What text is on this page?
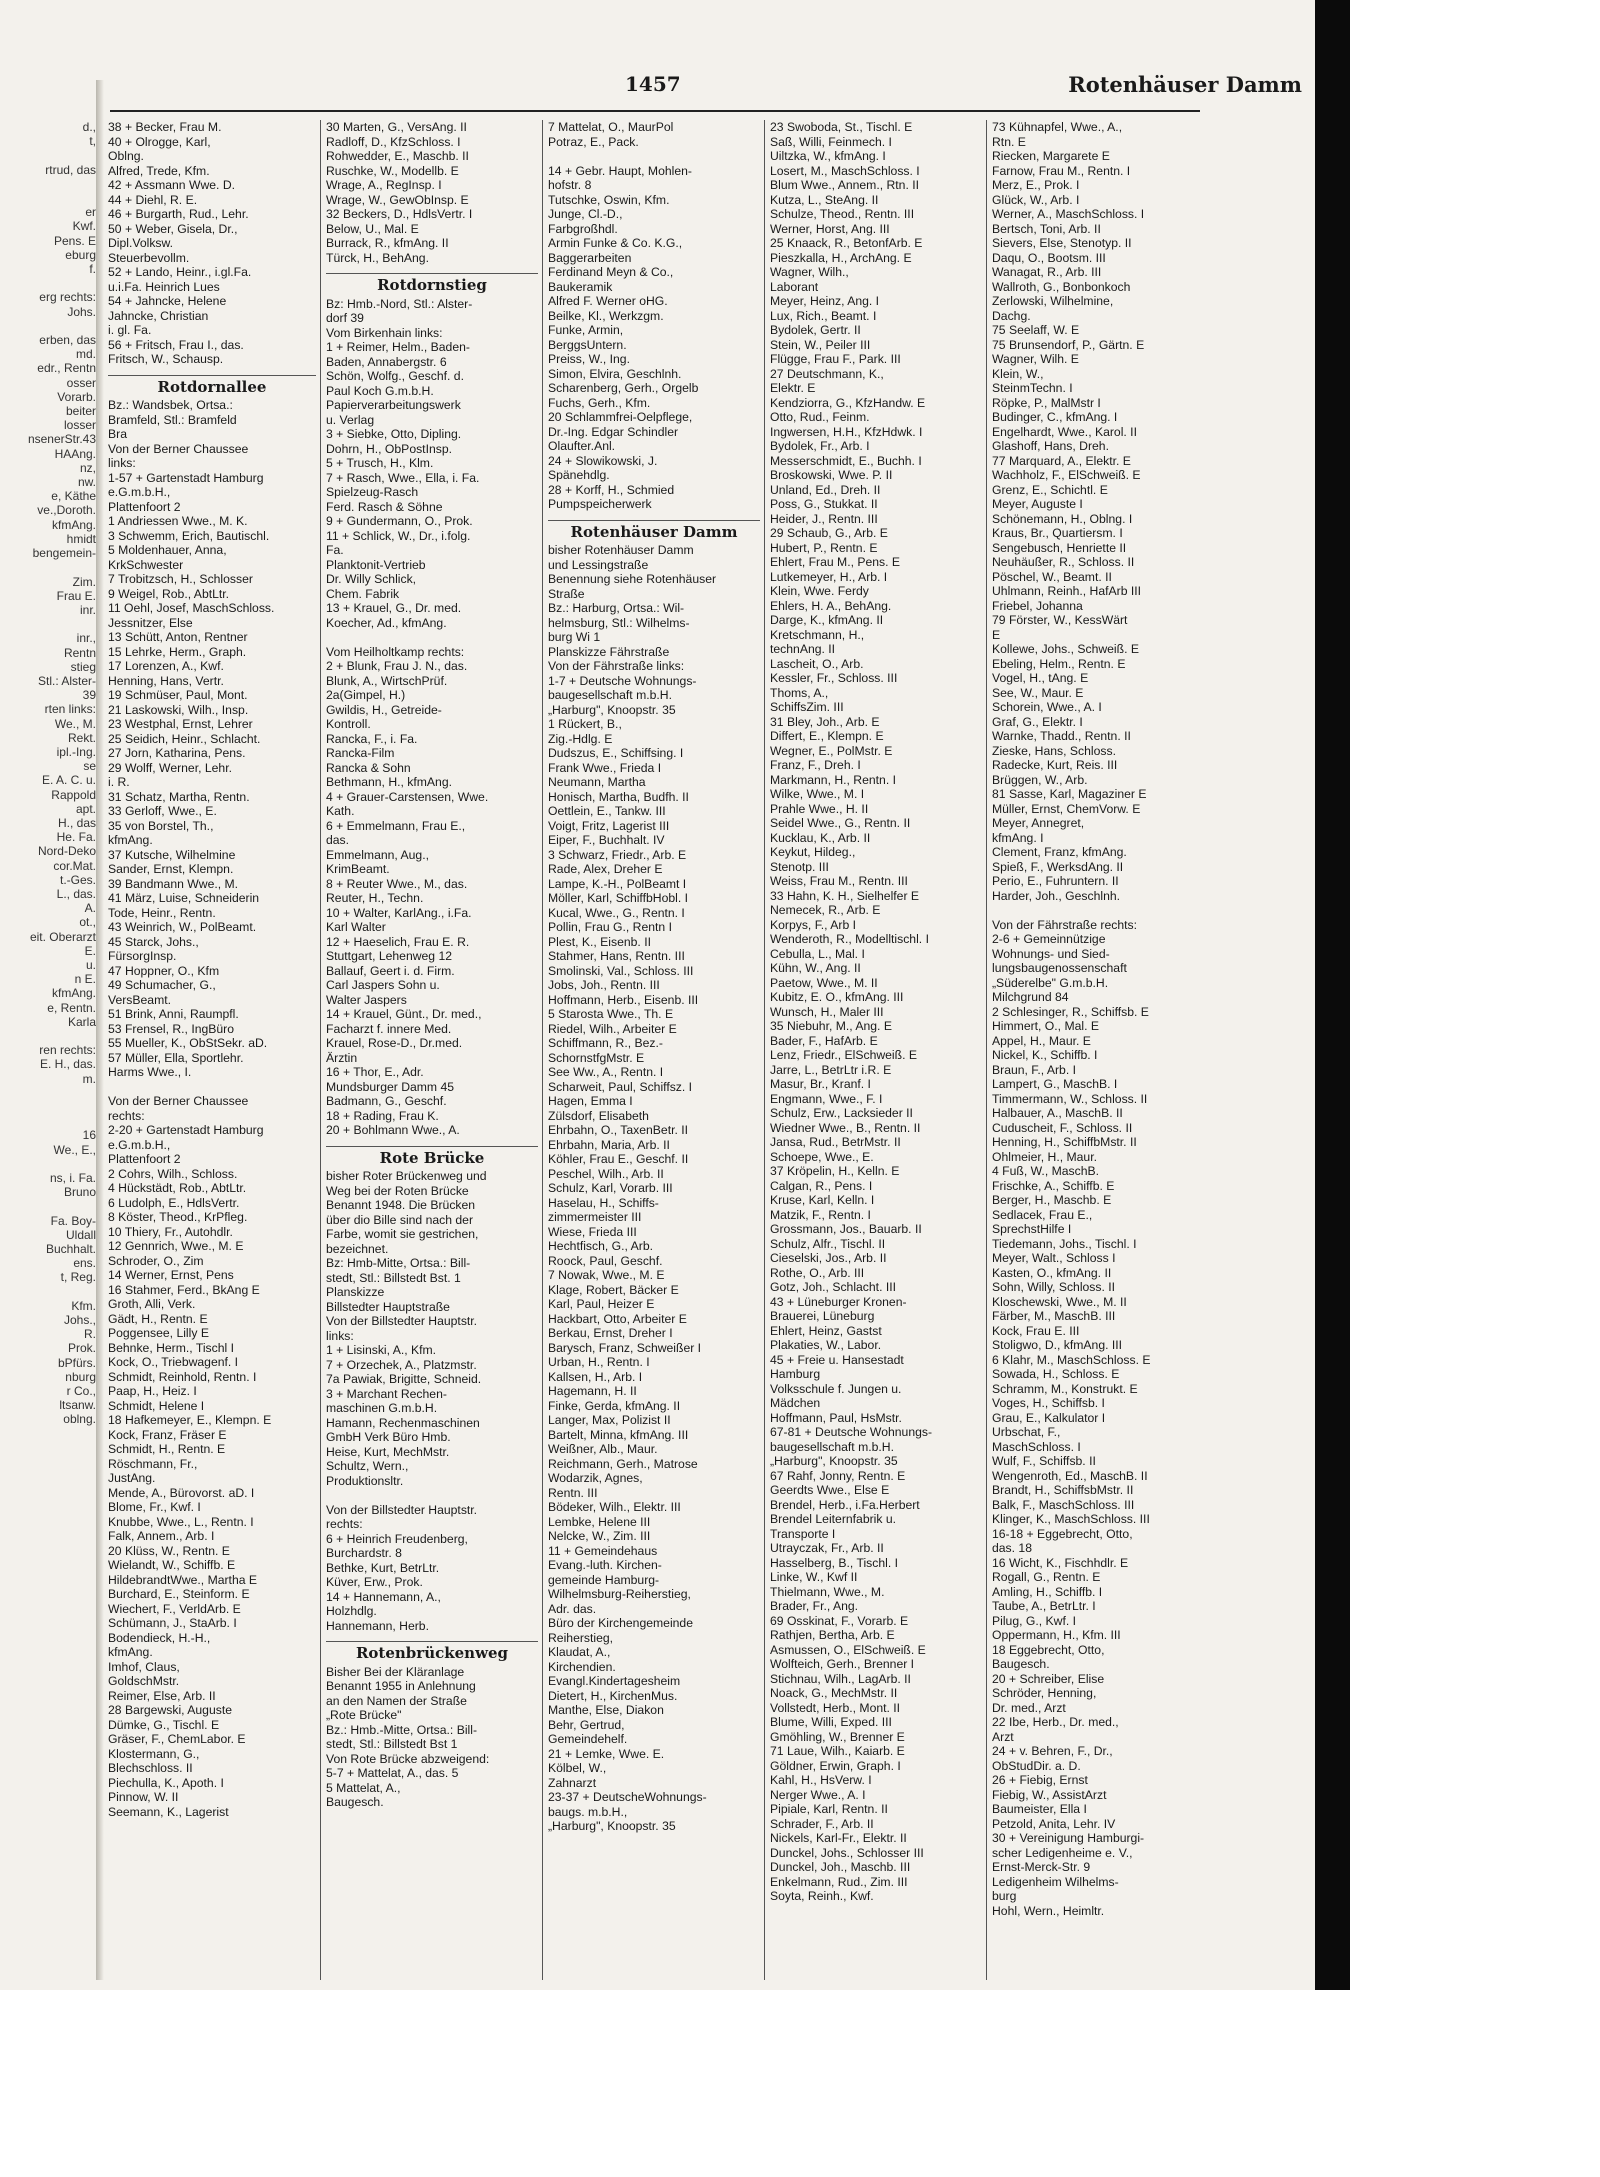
d.,
t,

rtrud, das

er
Kwf.
Pens. E
eburg
f.

erg rechts:
Johs.

erben, das
md.
edr., Rentn
osser
Vorarb.
beiter
losser
nsenerStr.43
HAAng.
nz,
nw.
e, Käthe
ve.,Doroth.
kfmAng.
hmidt
bengemein-

Zim.
Frau E.
inr.

inr.,
Rentn
stieg
Stl.: Alster-
39
rten links:
We., M.
Rekt.
ipl.-Ing.
se
E. A. C. u.
Rappold
apt.
H., das
He. Fa.
Nord-Deko
cor.Mat.
t.-Ges.
L., das.
A.
ot.,
eit. Oberarzt
E.
u.
n E.
kfmAng.
e, Rentn.
Karla

ren rechts:
E. H., das.
m.

16
We., E.,

ns, i. Fa.
Bruno

Fa. Boy-
Uldall
Buchhalt.
ens.
t, Reg.

Kfm.
Johs.,
R.
Prok.
bPfürs.
nburg
r Co.,
ltsanw.
oblng.
1457	Rotenhäuser Damm
38 + Becker, Frau M.
40 + Olrogge, Karl,
Oblng.
Alfred, Trede, Kfm.
42 + Assmann Wwe. D.
44 + Diehl, R. E.
46 + Burgarth, Rud., Lehr.
50 + Weber, Gisela, Dr.,
Dipl.Volksw.
Steuerbevollm.
52 + Lando, Heinr., i.gl.Fa.
u.i.Fa. Heinrich Lues
54 + Jahncke, Helene
Jahncke, Christian
i. gl. Fa.
56 + Fritsch, Frau I., das.
Fritsch, W., Schausp.
Rotdornallee
Bz.: Wandsbek, Ortsa.:
Bramfeld, Stl.: Bramfeld
Bra
Von der Berner Chaussee
links:
1-57 + Gartenstadt Hamburg
e.G.m.b.H.,
Plattenfoort 2
1 Andriessen Wwe., M. K.
3 Schwemm, Erich, Bautischl.
5 Moldenhauer, Anna,
KrkSchwester
7 Trobitzsch, H., Schlosser
9 Weigel, Rob., AbtLtr.
11 Oehl, Josef, MaschSchloss.
Jessnitzer, Else
13 Schütt, Anton, Rentner
15 Lehrke, Herm., Graph.
17 Lorenzen, A., Kwf.
Henning, Hans, Vertr.
19 Schmüser, Paul, Mont.
21 Laskowski, Wilh., Insp.
23 Westphal, Ernst, Lehrer
25 Seidich, Heinr., Schlacht.
27 Jorn, Katharina, Pens.
29 Wolff, Werner, Lehr.
i. R.
31 Schatz, Martha, Rentn.
33 Gerloff, Wwe., E.
35 von Borstel, Th.,
kfmAng.
37 Kutsche, Wilhelmine
Sander, Ernst, Klempn.
39 Bandmann Wwe., M.
41 März, Luise, Schneiderin
Tode, Heinr., Rentn.
43 Weinrich, W., PolBeamt.
45 Starck, Johs.,
FürsorgInsp.
47 Hoppner, O., Kfm
49 Schumacher, G.,
VersBeamt.
51 Brink, Anni, Raumpfl.
53 Frensel, R., IngBüro
55 Mueller, K., ObStSekr. aD.
57 Müller, Ella, Sportlehr.
Harms Wwe., I.

Von der Berner Chaussee
rechts:
2-20 + Gartenstadt Hamburg
e.G.m.b.H.,
Plattenfoort 2
2 Cohrs, Wilh., Schloss.
4 Hückstädt, Rob., AbtLtr.
6 Ludolph, E., HdlsVertr.
8 Köster, Theod., KrPfleg.
10 Thiery, Fr., Autohdlr.
12 Gennrich, Wwe., M. E
Schroder, O., Zim
14 Werner, Ernst, Pens
16 Stahmer, Ferd., BkAng E
Groth, Alli, Verk.
Gädt, H., Rentn. E
Poggensee, Lilly E
Behnke, Herm., Tischl I
Kock, O., Triebwagenf. I
Schmidt, Reinhold, Rentn. I
Paap, H., Heiz. I
Schmidt, Helene I
18 Hafkemeyer, E., Klempn. E
Kock, Franz, Fräser E
Schmidt, H., Rentn. E
Röschmann, Fr.,
JustAng.
Mende, A., Bürovorst. aD. I
Blome, Fr., Kwf. I
Knubbe, Wwe., L., Rentn. I
Falk, Annem., Arb. I
20 Klüss, W., Rentn. E
Wielandt, W., Schiffb. E
HildebrandtWwe., Martha E
Burchard, E., Steinform. E
Wiechert, F., VerldArb. E
Schümann, J., StaArb. I
Bodendieck, H.-H.,
kfmAng.
Imhof, Claus,
GoldschMstr.
Reimer, Else, Arb. II
28 Bargewski, Auguste
Dümke, G., Tischl. E
Gräser, F., ChemLabor. E
Klostermann, G.,
Blechschloss. II
Piechulla, K., Apoth. I
Pinnow, W. II
Seemann, K., Lagerist
30 Marten, G., VersAng. II
Radloff, D., KfzSchloss. I
Rohwedder, E., Maschb. II
Ruschke, W., Modellb. E
Wrage, A., RegInsp. I
Wrage, W., GewObInsp. E
32 Beckers, D., HdlsVertr. I
Below, U., Mal. E
Burrack, R., kfmAng. II
Türck, H., BehAng.
Rotdornstieg
Bz: Hmb.-Nord, Stl.: Alster-
dorf 39
Vom Birkenhain links:
1 + Reimer, Helm., Baden-
Baden, Annabergstr. 6
Schön, Wolfg., Geschf. d.
Paul Koch G.m.b.H.
Papierverarbeitungswerk
u. Verlag
3 + Siebke, Otto, Dipling.
Dohrn, H., ObPostInsp.
5 + Trusch, H., Klm.
7 + Rasch, Wwe., Ella, i. Fa.
Spielzeug-Rasch
Ferd. Rasch & Söhne
9 + Gundermann, O., Prok.
11 + Schlick, W., Dr., i.folg.
Fa.
Planktonit-Vertrieb
Dr. Willy Schlick,
Chem. Fabrik
13 + Krauel, G., Dr. med.
Koecher, Ad., kfmAng.

Vom Heilholtkamp rechts:
2 + Blunk, Frau J. N., das.
Blunk, A., WirtschPrüf.
2a(Gimpel, H.)
Gwildis, H., Getreide-
Kontroll.
Rancka, F., i. Fa.
Rancka-Film
Rancka & Sohn
Bethmann, H., kfmAng.
4 + Grauer-Carstensen, Wwe.
Kath.
6 + Emmelmann, Frau E.,
das.
Emmelmann, Aug.,
KrimBeamt.
8 + Reuter Wwe., M., das.
Reuter, H., Techn.
10 + Walter, KarlAng., i.Fa.
Karl Walter
12 + Haeselich, Frau E. R.
Stuttgart, Lehenweg 12
Ballauf, Geert i. d. Firm.
Carl Jaspers Sohn u.
Walter Jaspers
14 + Krauel, Günt., Dr. med.,
Facharzt f. innere Med.
Krauel, Rose-D., Dr.med.
Ärztin
16 + Thor, E., Adr.
Mundsburger Damm 45
Badmann, G., Geschf.
18 + Rading, Frau K.
20 + Bohlmann Wwe., A.
Rote Brücke
bisher Roter Brückenweg und
Weg bei der Roten Brücke
Benannt 1948. Die Brücken
über dio Bille sind nach der
Farbe, womit sie gestrichen,
bezeichnet.
Bz: Hmb-Mitte, Ortsa.: Bill-
stedt, Stl.: Billstedt Bst. 1
Planskizze
Billstedter Hauptstraße
Von der Billstedter Hauptstr.
links:
1 + Lisinski, A., Kfm.
7 + Orzechek, A., Platzmstr.
7a Pawiak, Brigitte, Schneid.
3 + Marchant Rechen-
maschinen G.m.b.H.
Hamann, Rechenmaschinen
GmbH Verk Büro Hmb.
Heise, Kurt, MechMstr.
Schultz, Wern.,
Produktionsltr.

Von der Billstedter Hauptstr.
rechts:
6 + Heinrich Freudenberg,
Burchardstr. 8
Bethke, Kurt, BetrLtr.
Küver, Erw., Prok.
14 + Hannemann, A.,
Holzhdlg.
Hannemann, Herb.
Rotenbrückenweg
Bisher Bei der Kläranlage
Benannt 1955 in Anlehnung
an den Namen der Straße
„Rote Brücke"
Bz.: Hmb.-Mitte, Ortsa.: Bill-
stedt, Stl.: Billstedt Bst 1
Von Rote Brücke abzweigend:
5-7 + Mattelat, A., das. 5
5 Mattelat, A.,
Baugesch.
7 Mattelat, O., MaurPol
Potraz, E., Pack.

14 + Gebr. Haupt, Mohlen-
hofstr. 8
Tutschke, Oswin, Kfm.
Junge, Cl.-D.,
Farbgroßhdl.
Armin Funke & Co. K.G.,
Baggerarbeiten
Ferdinand Meyn & Co.,
Baukeramik
Alfred F. Werner oHG.
Beilke, Kl., Werkzgm.
Funke, Armin,
BerggsUntern.
Preiss, W., Ing.
Simon, Elvira, Geschlnh.
Scharenberg, Gerh., Orgelb
Fuchs, Gerh., Kfm.
20 Schlammfrei-Oelpflege,
Dr.-Ing. Edgar Schindler
Olaufter.Anl.
24 + Slowikowski, J.
Spänehdlg.
28 + Korff, H., Schmied
Pumpspeicherwerk
Rotenhäuser Damm
bisher Rotenhäuser Damm
und Lessingstraße
Benennung siehe Rotenhäuser
Straße
Bz.: Harburg, Ortsa.: Wil-
helmsburg, Stl.: Wilhelms-
burg Wi 1
Planskizze Fährstraße
Von der Fährstraße links:
1-7 + Deutsche Wohnungs-
baugesellschaft m.b.H.
„Harburg", Knoopstr. 35
1 Rückert, B.,
Zig.-Hdlg. E
Dudszus, E., Schiffsing. I
Frank Wwe., Frieda I
Neumann, Martha
Honisch, Martha, Budfh. II
Oettlein, E., Tankw. III
Voigt, Fritz, Lagerist III
Eiper, F., Buchhalt. IV
3 Schwarz, Friedr., Arb. E
Rade, Alex, Dreher E
Lampe, K.-H., PolBeamt I
Möller, Karl, SchiffbHobl. I
Kucal, Wwe., G., Rentn. I
Pollin, Frau G., Rentn I
Plest, K., Eisenb. II
Stahmer, Hans, Rentn. III
Smolinski, Val., Schloss. III
Jobs, Joh., Rentn. III
Hoffmann, Herb., Eisenb. III
5 Starosta Wwe., Th. E
Riedel, Wilh., Arbeiter E
Schiffmann, R., Bez.-
SchornstfgMstr. E
See Ww., A., Rentn. I
Scharweit, Paul, Schiffsz. I
Hagen, Emma I
Zülsdorf, Elisabeth
Ehrbahn, O., TaxenBetr. II
Ehrbahn, Maria, Arb. II
Köhler, Frau E., Geschf. II
Peschel, Wilh., Arb. II
Schulz, Karl, Vorarb. III
Haselau, H., Schiffs-
zimmermeister III
Wiese, Frieda III
Hechtfisch, G., Arb.
Roock, Paul, Geschf.
7 Nowak, Wwe., M. E
Klage, Robert, Bäcker E
Karl, Paul, Heizer E
Hackbart, Otto, Arbeiter E
Berkau, Ernst, Dreher I
Barysch, Franz, Schweißer I
Urban, H., Rentn. I
Kallsen, H., Arb. I
Hagemann, H. II
Finke, Gerda, kfmAng. II
Langer, Max, Polizist II
Bartelt, Minna, kfmAng. III
Weißner, Alb., Maur.
Reichmann, Gerh., Matrose
Wodarzik, Agnes,
Rentn. III
Bödeker, Wilh., Elektr. III
Lembke, Helene III
Nelcke, W., Zim. III
11 + Gemeindehaus
Evang.-luth. Kirchen-
gemeinde Hamburg-
Wilhelmsburg-Reiherstieg,
Adr. das.
Büro der Kirchengemeinde
Reiherstieg,
Klaudat, A.,
Kirchendien.
Evangl.Kindertagesheim
Dietert, H., KirchenMus.
Manthe, Else, Diakon
Behr, Gertrud,
Gemeindehelf.
21 + Lemke, Wwe. E.
Kölbel, W.,
Zahnarzt
23-37 + DeutscheWohnungs-
baugs. m.b.H.,
„Harburg", Knoopstr. 35
23 Swoboda, St., Tischl. E
Saß, Willi, Feinmech. I
Uiltzka, W., kfmAng. I
Losert, M., MaschSchloss. I
Blum Wwe., Annem., Rtn. II
Kutza, L., SteAng. II
Schulze, Theod., Rentn. III
Werner, Horst, Ang. III
25 Knaack, R., BetonfArb. E
Pieszkalla, H., ArchAng. E
Wagner, Wilh.,
Laborant
Meyer, Heinz, Ang. I
Lux, Rich., Beamt. I
Bydolek, Gertr. II
Stein, W., Peiler III
Flügge, Frau F., Park. III
27 Deutschmann, K.,
Elektr. E
Kendziorra, G., KfzHandw. E
Otto, Rud., Feinm.
Ingwersen, H.H., KfzHdwk. I
Bydolek, Fr., Arb. I
Messerschmidt, E., Buchh. I
Broskowski, Wwe. P. II
Unland, Ed., Dreh. II
Poss, G., Stukkat. II
Heider, J., Rentn. III
29 Schaub, G., Arb. E
Hubert, P., Rentn. E
Ehlert, Frau M., Pens. E
Lutkemeyer, H., Arb. I
Klein, Wwe. Ferdy
Ehlers, H. A., BehAng.
Darge, K., kfmAng. II
Kretschmann, H.,
technAng. II
Lascheit, O., Arb.
Kessler, Fr., Schloss. III
Thoms, A.,
SchiffsZim. III
31 Bley, Joh., Arb. E
Differt, E., Klempn. E
Wegner, E., PolMstr. E
Franz, F., Dreh. I
Markmann, H., Rentn. I
Wilke, Wwe., M. I
Prahle Wwe., H. II
Seidel Wwe., G., Rentn. II
Kucklau, K., Arb. II
Keykut, Hildeg.,
Stenotp. III
Weiss, Frau M., Rentn. III
33 Hahn, K. H., Sielhelfer E
Nemecek, R., Arb. E
Korpys, F., Arb I
Wenderoth, R., Modelltischl. I
Cebulla, L., Mal. I
Kühn, W., Ang. II
Paetow, Wwe., M. II
Kubitz, E. O., kfmAng. III
Wunsch, H., Maler III
35 Niebuhr, M., Ang. E
Bader, F., HafArb. E
Lenz, Friedr., ElSchweiß. E
Jarre, L., BetrLtr i.R. E
Masur, Br., Kranf. I
Engmann, Wwe., F. I
Schulz, Erw., Lacksieder II
Wiedner Wwe., B., Rentn. II
Jansa, Rud., BetrMstr. II
Schoepe, Wwe., E.
37 Kröpelin, H., Kelln. E
Calgan, R., Pens. I
Kruse, Karl, Kelln. I
Matzik, F., Rentn. I
Grossmann, Jos., Bauarb. II
Schulz, Alfr., Tischl. II
Cieselski, Jos., Arb. II
Rothe, O., Arb. III
Gotz, Joh., Schlacht. III
43 + Lüneburger Kronen-
Brauerei, Lüneburg
Ehlert, Heinz, Gastst
Plakaties, W., Labor.
45 + Freie u. Hansestadt
Hamburg
Volksschule f. Jungen u.
Mädchen
Hoffmann, Paul, HsMstr.
67-81 + Deutsche Wohnungs-
baugesellschaft m.b.H.
„Harburg", Knoopstr. 35
67 Rahf, Jonny, Rentn. E
Geerdts Wwe., Else E
Brendel, Herb., i.Fa.Herbert
Brendel Leiternfabrik u.
Transporte I
Utrayczak, Fr., Arb. II
Hasselberg, B., Tischl. I
Linke, W., Kwf II
Thielmann, Wwe., M.
Brader, Fr., Ang.
69 Osskinat, F., Vorarb. E
Rathjen, Bertha, Arb. E
Asmussen, O., ElSchweiß. E
Wolfteich, Gerh., Brenner I
Stichnau, Wilh., LagArb. II
Noack, G., MechMstr. II
Vollstedt, Herb., Mont. II
Blume, Willi, Exped. III
Gmöhling, W., Brenner E
71 Laue, Wilh., Kaiarb. E
Göldner, Erwin, Graph. I
Kahl, H., HsVerw. I
Nerger Wwe., A. I
Pipiale, Karl, Rentn. II
Schrader, F., Arb. II
Nickels, Karl-Fr., Elektr. II
Dunckel, Johs., Schlosser III
Dunckel, Joh., Maschb. III
Enkelmann, Rud., Zim. III
Soyta, Reinh., Kwf.
73 Kühnapfel, Wwe., A.,
Rtn. E
Riecken, Margarete E
Farnow, Frau M., Rentn. I
Merz, E., Prok. I
Glück, W., Arb. I
Werner, A., MaschSchloss. I
Bertsch, Toni, Arb. II
Sievers, Else, Stenotyp. II
Daqu, O., Bootsm. III
Wanagat, R., Arb. III
Wallroth, G., Bonbonkoch
Zerlowski, Wilhelmine,
Dachg.
75 Seelaff, W. E
75 Brunsendorf, P., Gärtn. E
Wagner, Wilh. E
Klein, W.,
SteinmTechn. I
Röpke, P., MalMstr I
Budinger, C., kfmAng. I
Engelhardt, Wwe., Karol. II
Glashoff, Hans, Dreh.
77 Marquard, A., Elektr. E
Wachholz, F., ElSchweiß. E
Grenz, E., Schichtl. E
Meyer, Auguste I
Schönemann, H., Oblng. I
Kraus, Br., Quartiersm. I
Sengebusch, Henriette II
Neuhäußer, R., Schloss. II
Pöschel, W., Beamt. II
Uhlmann, Reinh., HafArb III
Friebel, Johanna
79 Förster, W., KessWärt
E
Kollewe, Johs., Schweiß. E
Ebeling, Helm., Rentn. E
Vogel, H., tAng. E
See, W., Maur. E
Schorein, Wwe., A. I
Graf, G., Elektr. I
Warnke, Thadd., Rentn. II
Zieske, Hans, Schloss.
Radecke, Kurt, Reis. III
Brüggen, W., Arb.
81 Sasse, Karl, Magaziner E
Müller, Ernst, ChemVorw. E
Meyer, Annegret,
kfmAng. I
Clement, Franz, kfmAng.
Spieß, F., WerksdAng. II
Perio, E., Fuhruntern. II
Harder, Joh., Geschlnh.

Von der Fährstraße rechts:
2-6 + Gemeinnützige
Wohnungs- und Sied-
lungsbaugenossenschaft
„Süderelbe" G.m.b.H.
Milchgrund 84
2 Schlesinger, R., Schiffsb. E
Himmert, O., Mal. E
Appel, H., Maur. E
Nickel, K., Schiffb. I
Braun, F., Arb. I
Lampert, G., MaschB. I
Timmermann, W., Schloss. II
Halbauer, A., MaschB. II
Cuduscheit, F., Schloss. II
Henning, H., SchiffbMstr. II
Ohlmeier, H., Maur.
4 Fuß, W., MaschB.
Frischke, A., Schiffb. E
Berger, H., Maschb. E
Sedlacek, Frau E.,
SprechstHilfe I
Tiedemann, Johs., Tischl. I
Meyer, Walt., Schloss I
Kasten, O., kfmAng. II
Sohn, Willy, Schloss. II
Kloschewski, Wwe., M. II
Färber, M., MaschB. III
Kock, Frau E. III
Stoligwo, D., kfmAng. III
6 Klahr, M., MaschSchloss. E
Sowada, H., Schloss. E
Schramm, M., Konstrukt. E
Voges, H., Schiffsb. I
Grau, E., Kalkulator I
Urbschat, F.,
MaschSchloss. I
Wulf, F., Schiffsb. II
Wengenroth, Ed., MaschB. II
Brandt, H., SchiffsbMstr. II
Balk, F., MaschSchloss. III
Klinger, K., MaschSchloss. III
16-18 + Eggebrecht, Otto,
das. 18
16 Wicht, K., Fischhdlr. E
Rogall, G., Rentn. E
Amling, H., Schiffb. I
Taube, A., BetrLtr. I
Pilug, G., Kwf. I
Oppermann, H., Kfm. III
18 Eggebrecht, Otto,
Baugesch.
20 + Schreiber, Elise
Schröder, Henning,
Dr. med., Arzt
22 Ibe, Herb., Dr. med.,
Arzt
24 + v. Behren, F., Dr.,
ObStudDir. a. D.
26 + Fiebig, Ernst
Fiebig, W., AssistArzt
Baumeister, Ella I
Petzold, Anita, Lehr. IV
30 + Vereinigung Hamburgi-
scher Ledigenheime e. V.,
Ernst-Merck-Str. 9
Ledigenheim Wilhelms-
burg
Hohl, Wern., Heimltr.
